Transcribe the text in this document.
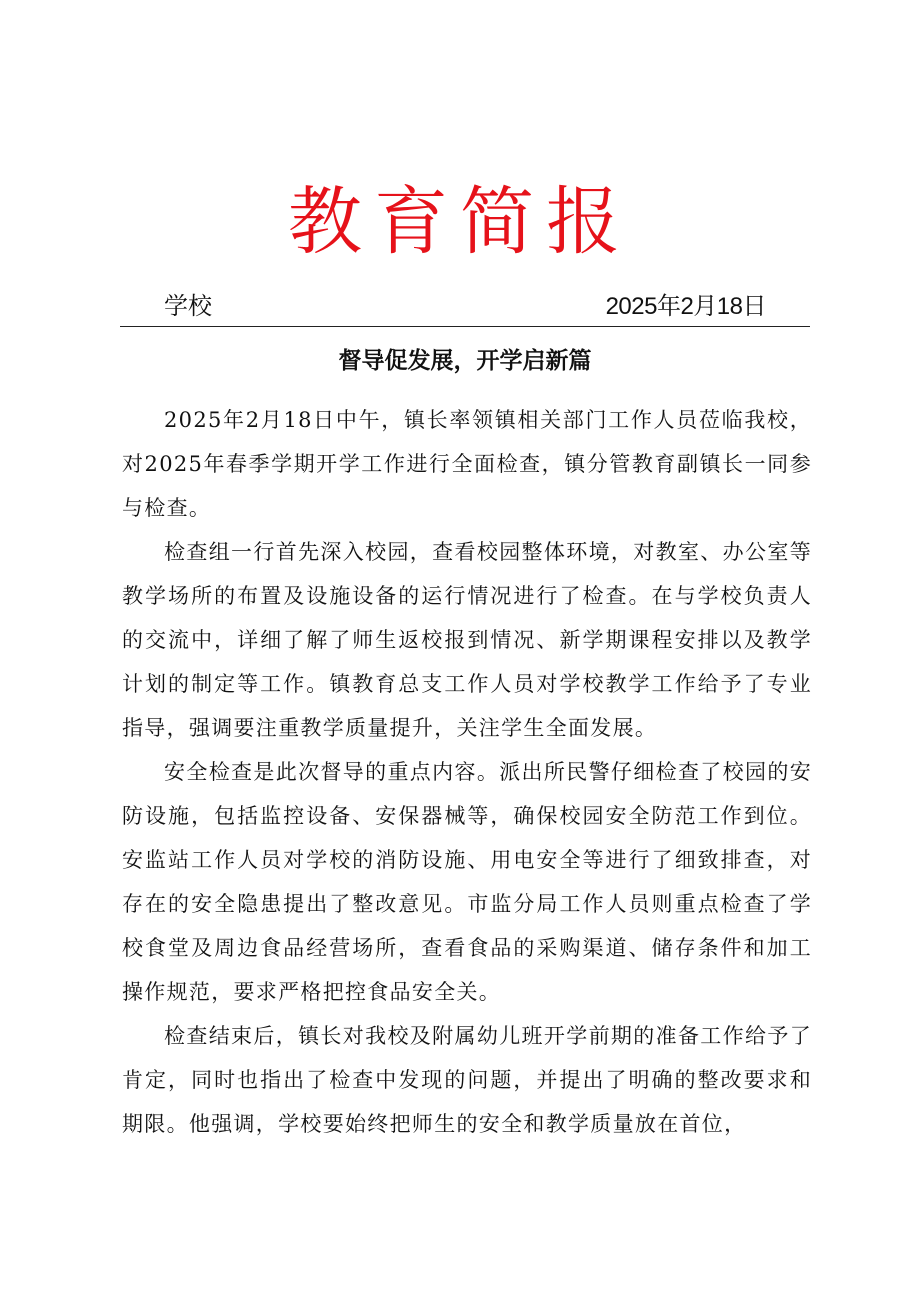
教育简报
学校	2025年2月18日
督导促发展，开学启新篇

2025年2月18日中午，镇长率领镇相关部门工作人员莅临我校，对2025年春季学期开学工作进行全面检查，镇分管教育副镇长一同参与检查。

检查组一行首先深入校园，查看校园整体环境，对教室、办公室等教学场所的布置及设施设备的运行情况进行了检查。在与学校负责人的交流中，详细了解了师生返校报到情况、新学期课程安排以及教学计划的制定等工作。镇教育总支工作人员对学校教学工作给予了专业指导，强调要注重教学质量提升，关注学生全面发展。

安全检查是此次督导的重点内容。派出所民警仔细检查了校园的安防设施，包括监控设备、安保器械等，确保校园安全防范工作到位。安监站工作人员对学校的消防设施、用电安全等进行了细致排查，对存在的安全隐患提出了整改意见。市监分局工作人员则重点检查了学校食堂及周边食品经营场所，查看食品的采购渠道、储存条件和加工操作规范，要求严格把控食品安全关。

检查结束后，镇长对我校及附属幼儿班开学前期的准备工作给予了肯定，同时也指出了检查中发现的问题，并提出了明确的整改要求和期限。他强调，学校要始终把师生的安全和教学质量放在首位，
